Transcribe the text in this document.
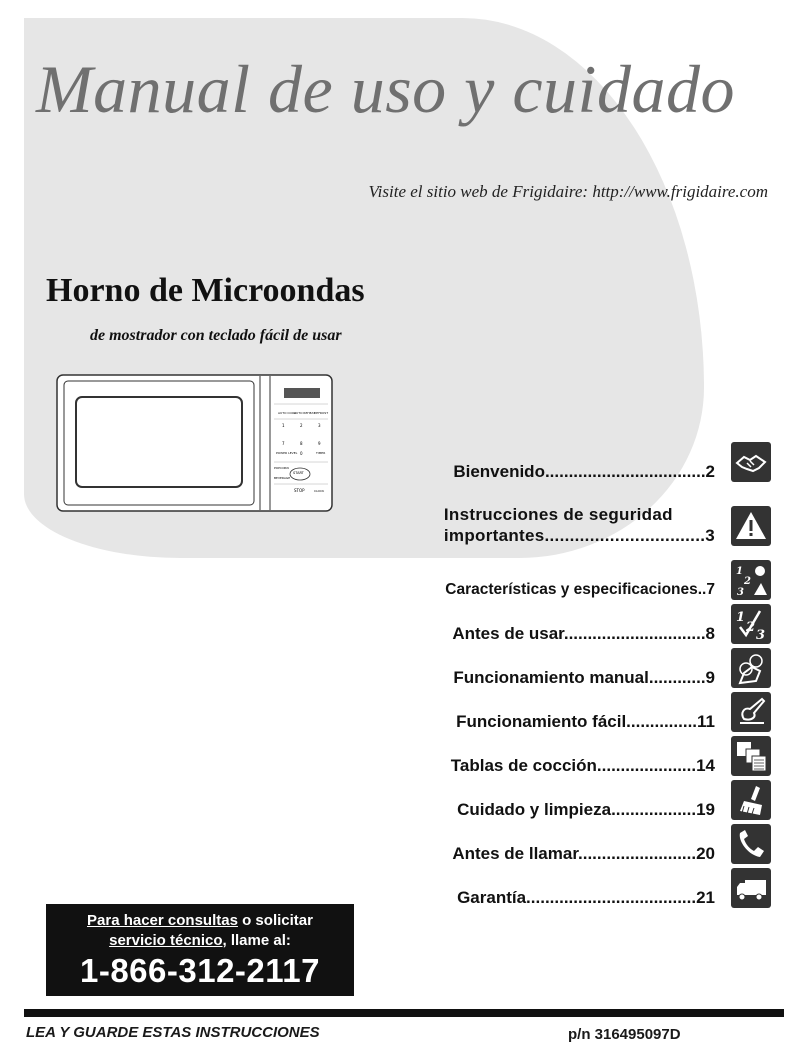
Manual de uso y cuidado
Visite el sitio web de Frigidaire: http://www.frigidaire.com
Horno de Microondas
de mostrador con teclado fácil de usar
AUTO COOK
AUTO REHEAT
DEFROST
1	2	3
7	8	9
POWER LEVEL 0	TIMER
POPCORN
BEVERAGE
START
STOP	CLOCK
Bienvenido..................................2
Instrucciones de seguridad
importantes................................3
Características y especificaciones..7
1
2
3
Antes de usar..............................8
1
2
3
Funcionamiento manual............9
Funcionamiento fácil...............11
Tablas de cocción.....................14
Cuidado y limpieza..................19
Antes de llamar.........................20
Garantía....................................21
Para hacer consultas o solicitar
servicio técnico, llame al:
1-866-312-2117
LEA Y GUARDE ESTAS INSTRUCCIONES	p/n 316495097D
